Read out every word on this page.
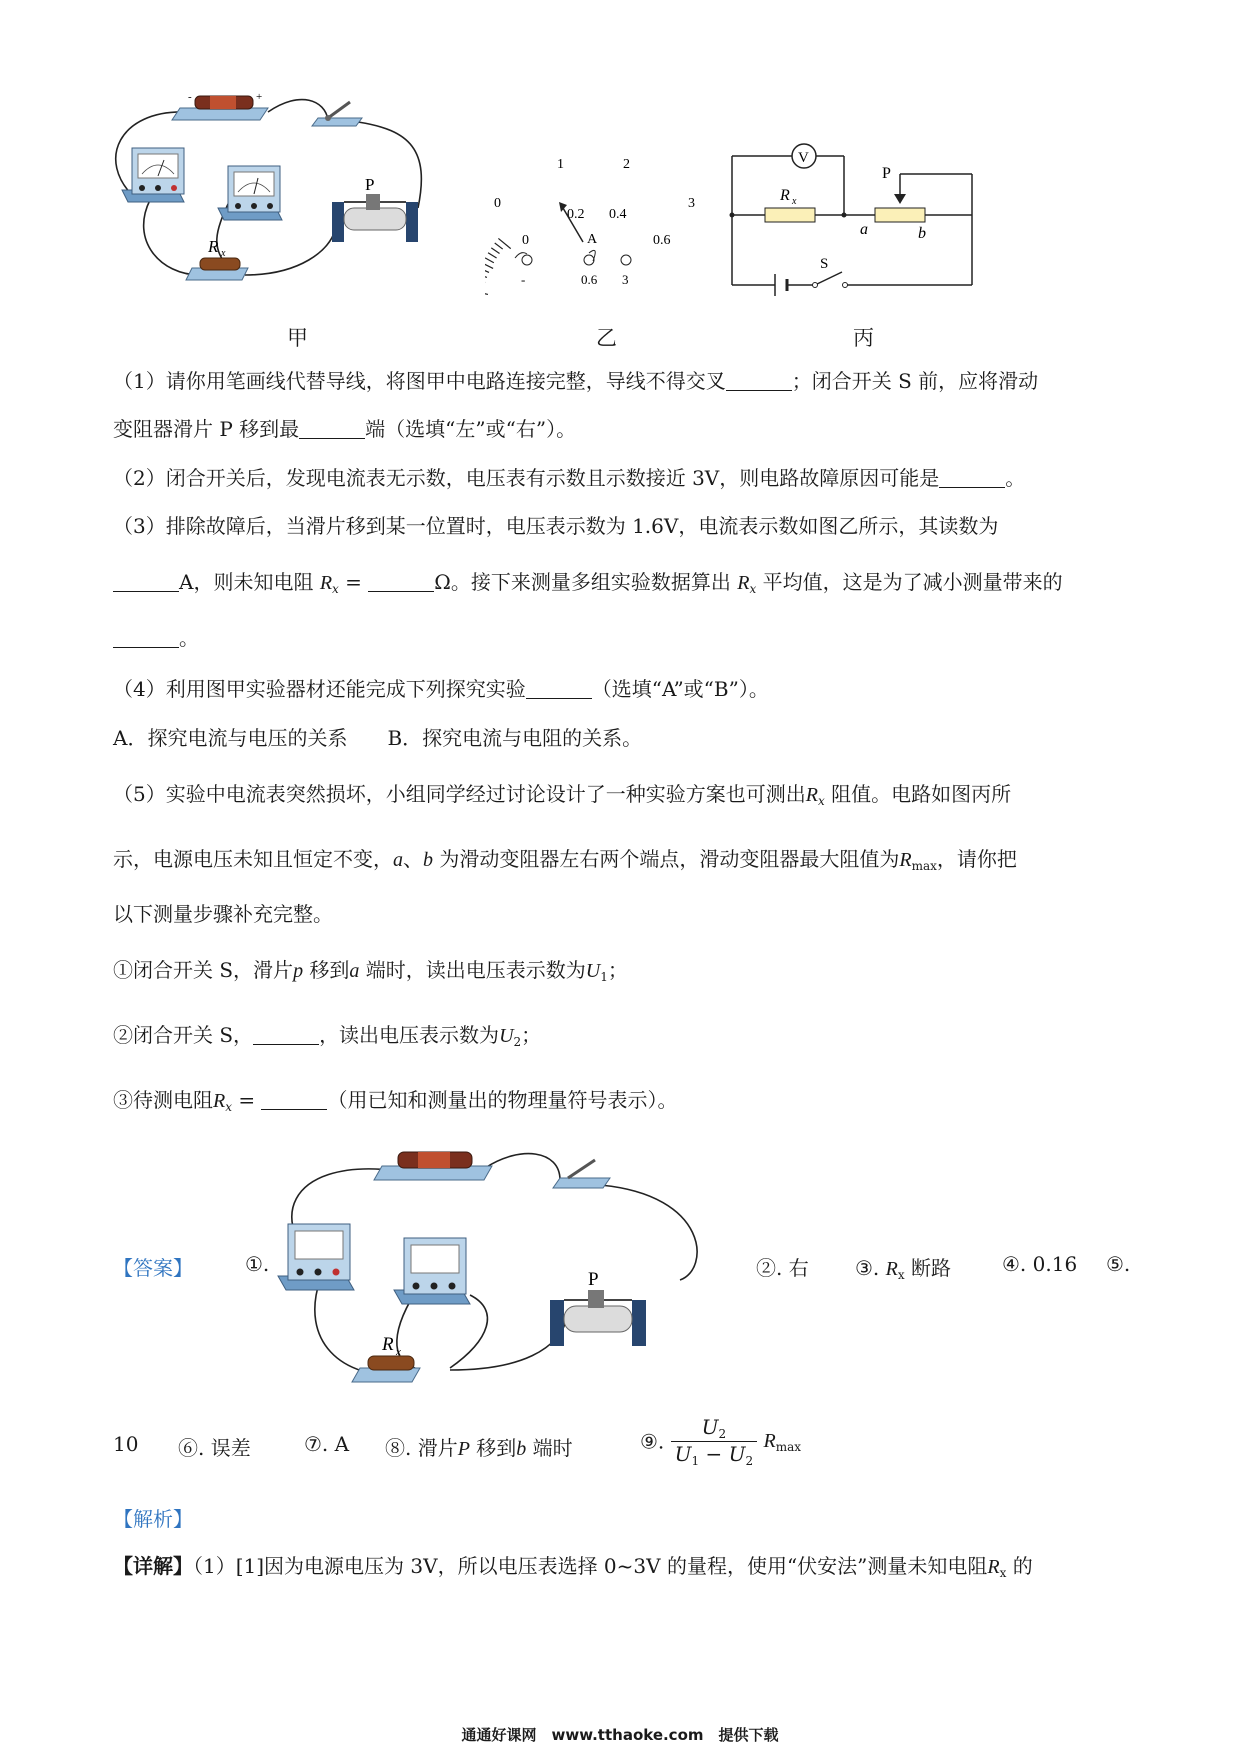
-	+
R x
P
甲
0
1	2
3
0
0.2 0.4
0.6
A
-	0.6 3
乙
V
R x
P
a	b
S
丙
（1）请你用笔画线代替导线，将图甲中电路连接完整，导线不得交叉	；闭合开关 S 前，应将滑动
变阻器滑片 P 移到最	端（选填“左”或“右”）。
（2）闭合开关后，发现电流表无示数，电压表有示数且示数接近 3V，则电路故障原因可能是	。
（3）排除故障后，当滑片移到某一位置时，电压表示数为 1.6V，电流表示数如图乙所示，其读数为
A，则未知电阻 $R_x$ =	Ω。接下来测量多组实验数据算出 $R_x$ 平均值，这是为了减小测量带来的
。
（4）利用图甲实验器材还能完成下列探究实验	（选填“A”或“B”）。
A．探究电流与电压的关系　　B．探究电流与电阻的关系。
（5）实验中电流表突然损坏，小组同学经过讨论设计了一种实验方案也可测出$R_x$ 阻值。电路如图丙所
示，电源电压未知且恒定不变，a、b 为滑动变阻器左右两个端点，滑动变阻器最大阻值为$R_{max}$，请你把
以下测量步骤补充完整。
①闭合开关 S，滑片p 移到a 端时，读出电压表示数为$U_1$；
②闭合开关 S，	，读出电压表示数为$U_2$；
③待测电阻$R_x$ =	（用已知和测量出的物理量符号表示）。
【答案】	①.
R x
P	②. 右 ③. $R_x$ 断路	④. 0.16 ⑤.
10 ⑥. 误差	⑦. A ⑧. 滑片P 移到b 端时	⑨. $\frac{U_2}{U_1 - U_2} R_{max}$
【解析】
【详解】（1）[1]因为电源电压为 3V，所以电压表选择 0~3V 的量程，使用“伏安法”测量未知电阻$R_x$ 的
通通好课网　www.tthaoke.com　提供下载
